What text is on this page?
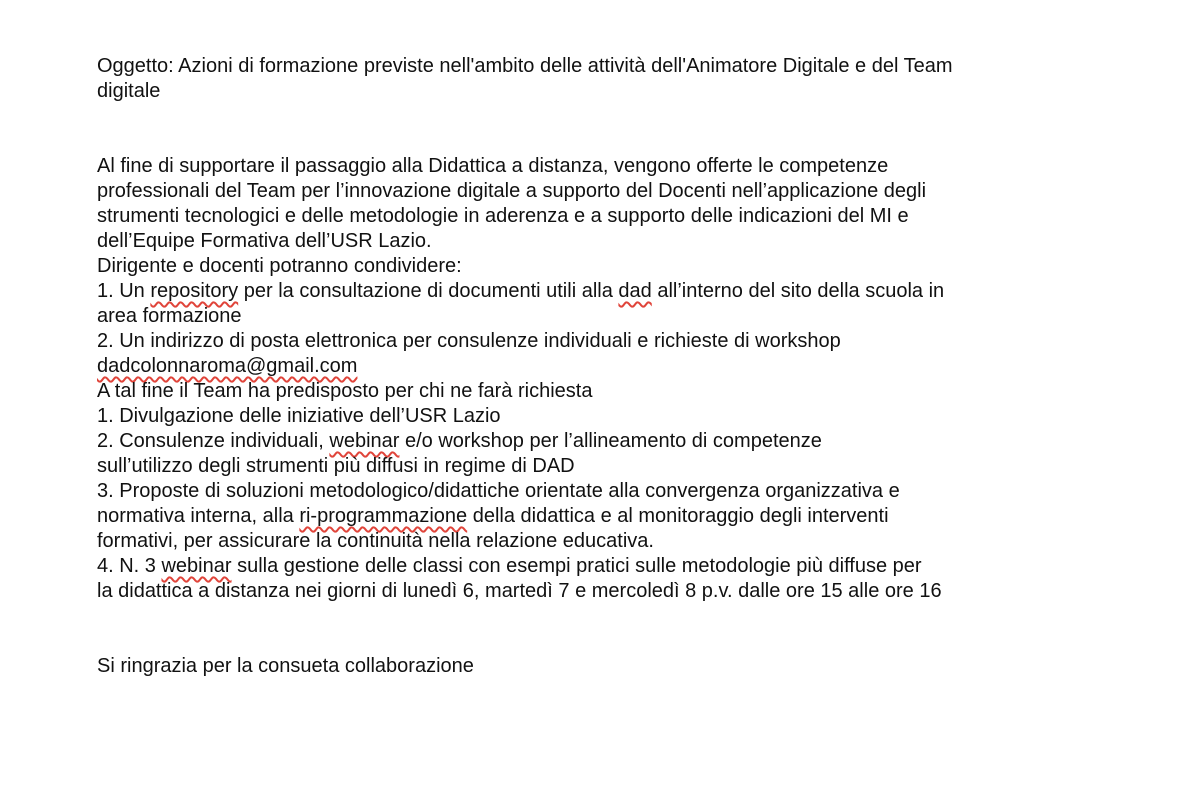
Oggetto: Azioni di formazione previste nell'ambito delle attività dell'Animatore Digitale e del Team
digitale
Al fine di supportare il passaggio alla Didattica a distanza, vengono offerte le competenze
professionali del Team per l’innovazione digitale a supporto del Docenti nell’applicazione degli
strumenti tecnologici e delle metodologie in aderenza e a supporto delle indicazioni del MI e
dell’Equipe Formativa dell’USR Lazio.
Dirigente e docenti potranno condividere:
1. Un repository per la consultazione di documenti utili alla dad all’interno del sito della scuola in
area formazione
2. Un indirizzo di posta elettronica per consulenze individuali e richieste di workshop
dadcolonnaroma@gmail.com
A tal fine il Team ha predisposto per chi ne farà richiesta
1. Divulgazione delle iniziative dell’USR Lazio
2. Consulenze individuali, webinar e/o workshop per l’allineamento di competenze
sull’utilizzo degli strumenti più diffusi in regime di DAD
3. Proposte di soluzioni metodologico/didattiche orientate alla convergenza organizzativa e
normativa interna, alla ri-programmazione della didattica e al monitoraggio degli interventi
formativi, per assicurare la continuità nella relazione educativa.
4. N. 3 webinar sulla gestione delle classi con esempi pratici sulle metodologie più diffuse per
la didattica a distanza nei giorni di lunedì 6, martedì 7 e mercoledì 8 p.v. dalle ore 15 alle ore 16
Si ringrazia per la consueta collaborazione
